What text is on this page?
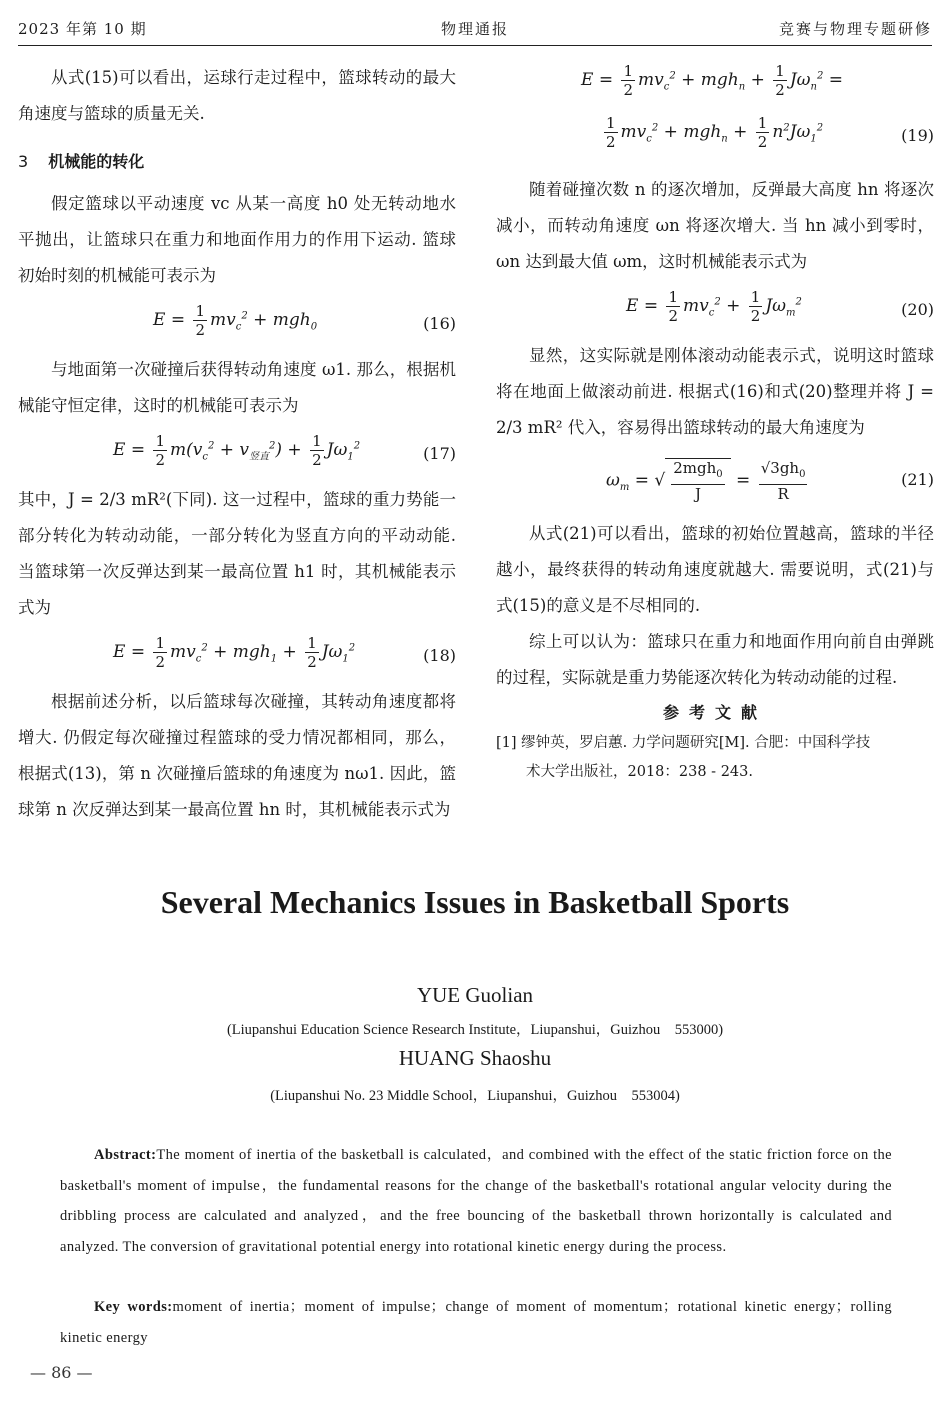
2023 年第 10 期	物理通报	竞赛与物理专题研修

从式(15)可以看出，运球行走过程中，篮球转动的最大角速度与篮球的质量无关.

3 机械能的转化

假定篮球以平动速度 vc 从某一高度 h0 处无转动地水平抛出，让篮球只在重力和地面作用力的作用下运动. 篮球初始时刻的机械能可表示为

$E = \frac{1}{2} mv_c^2 + mgh_0$	(16)

与地面第一次碰撞后获得转动角速度 ω1. 那么，根据机械能守恒定律，这时的机械能可表示为

$E = \frac{1}{2} m(v_c^2 + v_{竖直}^2) + \frac{1}{2} J\omega_1^2$	(17)

其中，J = 2/3 mR²(下同). 这一过程中，篮球的重力势能一部分转化为转动动能，一部分转化为竖直方向的平动动能. 当篮球第一次反弹达到某一最高位置 h1 时，其机械能表示式为

$E = \frac{1}{2} mv_c^2 + mgh_1 + \frac{1}{2} J\omega_1^2$	(18)

根据前述分析，以后篮球每次碰撞，其转动角速度都将增大. 仍假定每次碰撞过程篮球的受力情况都相同，那么，根据式(13)，第 n 次碰撞后篮球的角速度为 nω1. 因此，篮球第 n 次反弹达到某一最高位置 hn 时，其机械能表示式为

$E = \frac{1}{2} mv_c^2 + mgh_n + \frac{1}{2} J\omega_n^2$ =
$\frac{1}{2} mv_c^2 + mgh_n + \frac{1}{2} n^2J\omega_1^2$	(19)

随着碰撞次数 n 的逐次增加，反弹最大高度 hn 将逐次减小，而转动角速度 ωn 将逐次增大. 当 hn 减小到零时，ωn 达到最大值 ωm，这时机械能表示式为

$E = \frac{1}{2} mv_c^2 + \frac{1}{2} J\omega_m^2$	(20)

显然，这实际就是刚体滚动动能表示式，说明这时篮球将在地面上做滚动前进. 根据式(16)和式(20)整理并将 J = 2/3 mR² 代入，容易得出篮球转动的最大角速度为

$\omega_m$ = √ $\frac{2mgh_0}{J} = \frac{√3gh_0}{R}$	(21)

从式(21)可以看出，篮球的初始位置越高，篮球的半径越小，最终获得的转动角速度就越大. 需要说明，式(21)与式(15)的意义是不尽相同的.

综上可以认为：篮球只在重力和地面作用向前自由弹跳的过程，实际就是重力势能逐次转化为转动动能的过程.

参考文献
[1] 缪钟英，罗启蕙. 力学问题研究[M]. 合肥：中国科学技
术大学出版社，2018：238 - 243.
Several Mechanics Issues in Basketball Sports
YUE Guolian
(Liupanshui Education Science Research Institute，Liupanshui，Guizhou　553000)
HUANG Shaoshu
(Liupanshui No. 23 Middle School，Liupanshui，Guizhou　553004)

Abstract:The moment of inertia of the basketball is calculated，and combined with the effect of the static friction force on the basketball's moment of impulse，the fundamental reasons for the change of the basketball's rotational angular velocity during the dribbling process are calculated and analyzed，and the free bouncing of the basketball thrown horizontally is calculated and analyzed. The conversion of gravitational potential energy into rotational kinetic energy during the process.

Key words:moment of inertia；moment of impulse；change of moment of momentum；rotational kinetic energy；rolling kinetic energy
— 86 —
